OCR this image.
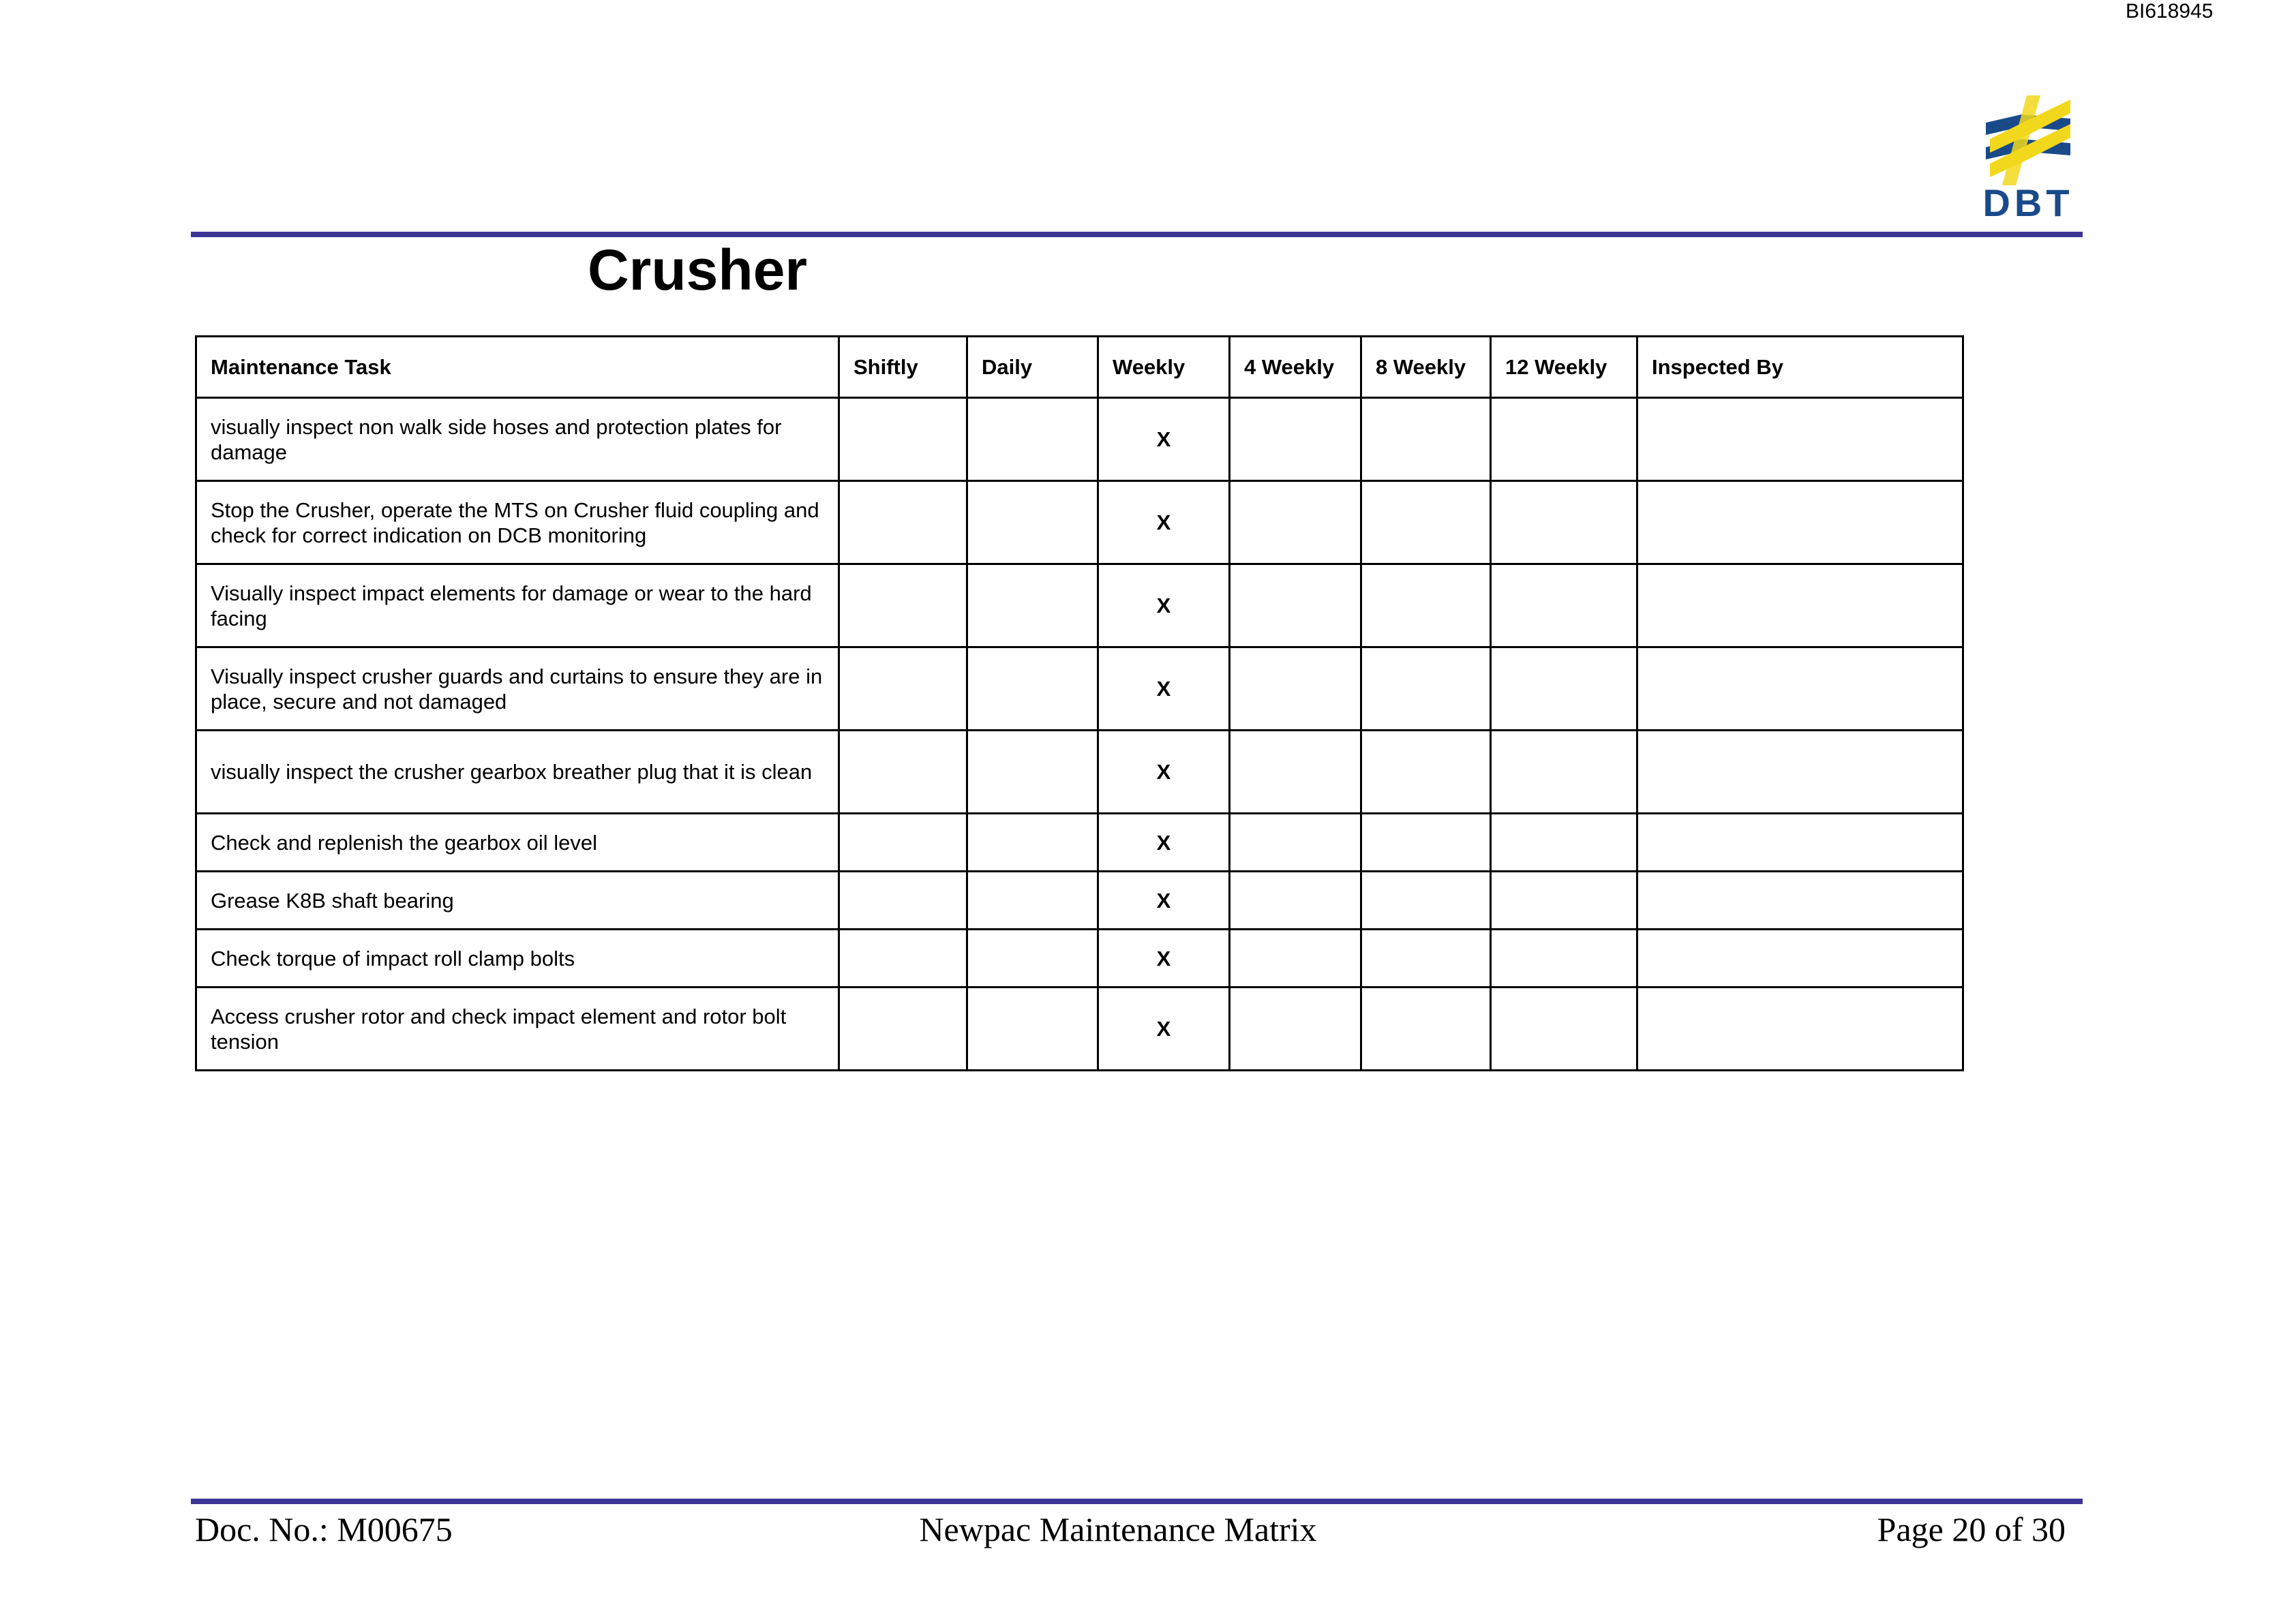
BI618945
DBT
Crusher
Maintenance Task	Shiftly	Daily	Weekly	4 Weekly	8 Weekly	12 Weekly	Inspected By
visually inspect non walk side hoses and protection plates for damage			X				
Stop the Crusher, operate the MTS on Crusher fluid coupling and check for correct indication on DCB monitoring			X				
Visually inspect impact elements for damage or wear to the hard facing			X				
Visually inspect crusher guards and curtains to ensure they are in place, secure and not damaged			X				
visually inspect the crusher gearbox breather plug that it is clean			X				
Check and replenish the gearbox oil level			X				
Grease K8B shaft bearing			X				
Check torque of impact roll clamp bolts			X				
Access crusher rotor and check impact element and rotor bolt tension			X				
Doc. No.: M00675	Newpac Maintenance Matrix	Page 20 of 30
